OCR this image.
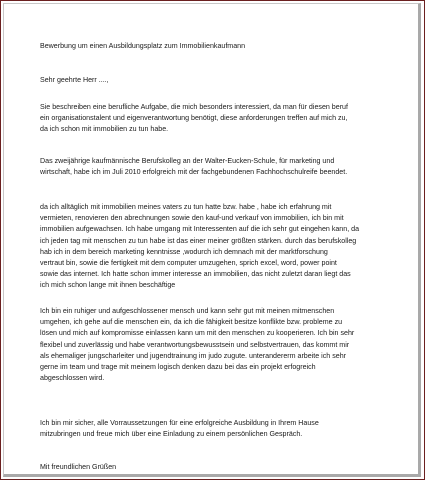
Bewerbung um einen Ausbildungsplatz zum Immobilienkaufmann
Sehr geehrte Herr ....,
Sie beschreiben eine berufliche Aufgabe, die mich besonders interessiert, da man für diesen beruf
ein organisationstalent und eigenverantwortung benötigt, diese anforderungen treffen auf mich zu,
da ich schon mit immobilien zu tun habe.
Das zweijährige kaufmännische Berufskolleg an der Walter-Eucken-Schule, für marketing und
wirtschaft, habe ich im Juli 2010 erfolgreich mit der fachgebundenen Fachhochschulreife beendet.
da ich alltäglich mit immobilien meines vaters zu tun hatte bzw. habe , habe ich erfahrung mit
vermieten, renovieren den abrechnungen sowie den kauf-und verkauf von immobilien, ich bin mit
immobilien aufgewachsen. Ich habe umgang mit Interessenten auf die ich sehr gut eingehen kann, da
ich jeden tag mit menschen zu tun habe ist das einer meiner größten stärken. durch das berufskolleg
hab ich in dem bereich marketing kenntnisse ,wodurch ich demnach mit der marktforschung
vertraut bin, sowie die fertigkeit mit dem computer umzugehen, sprich excel, word, power point
sowie das internet. Ich hatte schon immer interesse an immobilien, das nicht zuletzt daran liegt das
ich mich schon lange mit ihnen beschäftige
Ich bin ein ruhiger und aufgeschlossener mensch und kann sehr gut mit meinen mitmenschen
umgehen, ich gehe auf die menschen ein, da ich die fähigkeit besitze konflikte bzw. probleme zu
lösen und mich auf kompromisse einlassen kann um mit den menschen zu kooperieren. Ich bin sehr
flexibel und zuverlässig und habe verantwortungsbewusstsein und selbstvertrauen, das kommt mir
als ehemaliger jungscharleiter und jugendtrainung im judo zugute. unterandererm arbeite ich sehr
gerne im team und trage mit meinem logisch denken dazu bei das ein projekt erfogreich
abgeschlossen wird.
Ich bin mir sicher, alle Vorraussetzungen für eine erfolgreiche Ausbildung in Ihrem Hause
mitzubringen und freue mich über eine Einladung zu einem persönlichen Gespräch.
Mit freundlichen Grüßen
